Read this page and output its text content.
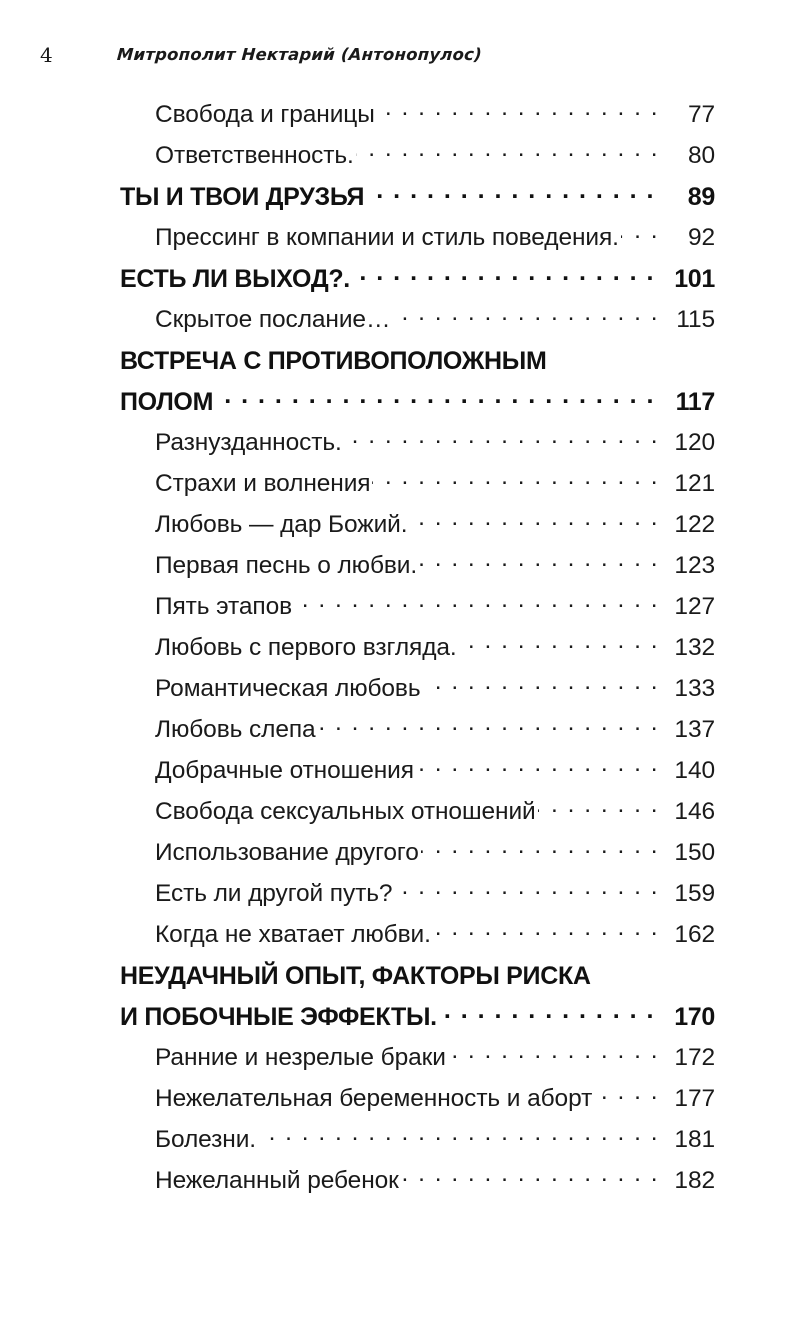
4	Митрополит Нектарий (Антонопулос)
Свобода и границы . . .	77
Ответственность. . . .	80
ТЫ И ТВОИ ДРУЗЬЯ . . .	89
Прессинг в компании и стиль поведения. . . .	92
ЕСТЬ ЛИ ВЫХОД?. . . .	101
Скрытое послание… . . .	115
ВСТРЕЧА С ПРОТИВОПОЛОЖНЫМ
ПОЛОМ . . .	117
Разнузданность. . . .	120
Страхи и волнения . . .	121
Любовь — дар Божий. . . .	122
Первая песнь о любви. . . .	123
Пять этапов . . .	127
Любовь с первого взгляда. . . .	132
Романтическая любовь . . .	133
Любовь слепа . . .	137
Добрачные отношения . . .	140
Свобода сексуальных отношений . . .	146
Использование другого . . .	150
Есть ли другой путь? . . .	159
Когда не хватает любви. . . .	162
НЕУДАЧНЫЙ ОПЫТ, ФАКТОРЫ РИСКА
И ПОБОЧНЫЕ ЭФФЕКТЫ. . . .	170
Ранние и незрелые браки . . .	172
Нежелательная беременность и аборт . . .	177
Болезни. . . .	181
Нежеланный ребенок . . .	182
